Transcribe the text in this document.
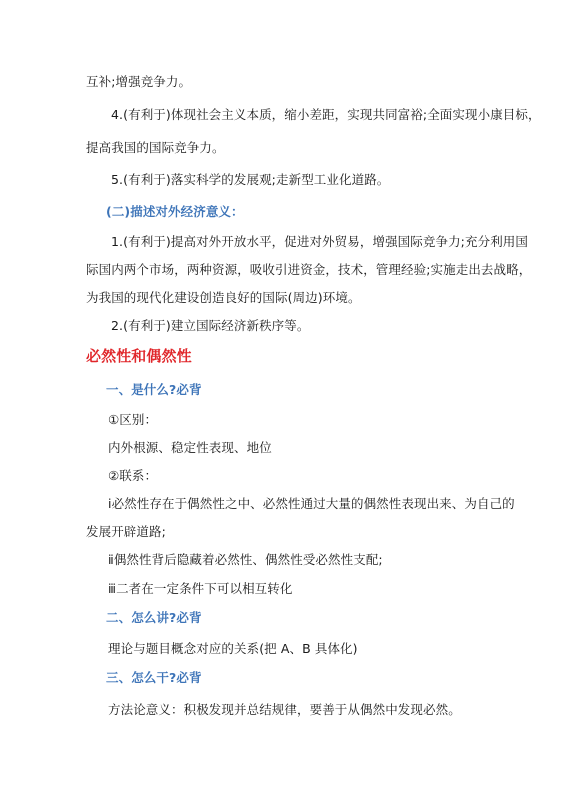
互补;增强竞争力。
4.(有利于)体现社会主义本质，缩小差距，实现共同富裕;全面实现小康目标，
提高我国的国际竞争力。
5.(有利于)落实科学的发展观;走新型工业化道路。
(二)描述对外经济意义：
1.(有利于)提高对外开放水平，促进对外贸易，增强国际竞争力;充分利用国
际国内两个市场，两种资源，吸收引进资金，技术，管理经验;实施走出去战略，
为我国的现代化建设创造良好的国际(周边)环境。
2.(有利于)建立国际经济新秩序等。
必然性和偶然性
一、是什么?必背
①区别：
内外根源、稳定性表现、地位
②联系：
ⅰ必然性存在于偶然性之中、必然性通过大量的偶然性表现出来、为自己的
发展开辟道路;
ⅱ偶然性背后隐藏着必然性、偶然性受必然性支配;
ⅲ二者在一定条件下可以相互转化
二、怎么讲?必背
理论与题目概念对应的关系(把 A、B 具体化)
三、怎么干?必背
方法论意义：积极发现并总结规律，要善于从偶然中发现必然。
